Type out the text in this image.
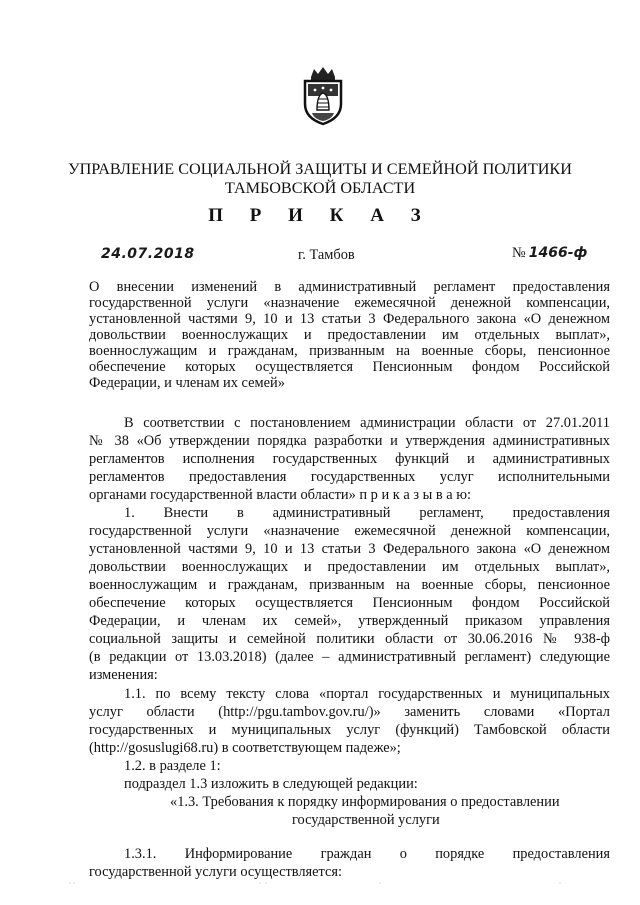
УПРАВЛЕНИЕ СОЦИАЛЬНОЙ ЗАЩИТЫ И СЕМЕЙНОЙ ПОЛИТИКИ
ТАМБОВСКОЙ ОБЛАСТИ
П Р И К А З
24.07.2018	г. Тамбов	№ 1466-ф
О внесении изменений в административный регламент предоставления
государственной услуги «назначение ежемесячной денежной компенсации,
установленной частями 9, 10 и 13 статьи 3 Федерального закона «О денежном
довольствии военнослужащих и предоставлении им отдельных выплат»,
военнослужащим и гражданам, призванным на военные сборы, пенсионное
обеспечение которых осуществляется Пенсионным фондом Российской
Федерации, и членам их семей»
В соответствии с постановлением администрации области от 27.01.2011
№ 38 «Об утверждении порядка разработки и утверждения административных
регламентов исполнения государственных функций и административных
регламентов предоставления государственных услуг исполнительными
органами государственной власти области» п р и к а з ы в а ю:
1. Внести в административный регламент, предоставления
государственной услуги «назначение ежемесячной денежной компенсации,
установленной частями 9, 10 и 13 статьи 3 Федерального закона «О денежном
довольствии военнослужащих и предоставлении им отдельных выплат»,
военнослужащим и гражданам, призванным на военные сборы, пенсионное
обеспечение которых осуществляется Пенсионным фондом Российской
Федерации, и членам их семей», утвержденный приказом управления
социальной защиты и семейной политики области от 30.06.2016 № 938-ф
(в редакции от 13.03.2018) (далее – административный регламент) следующие
изменения:
1.1. по всему тексту слова «портал государственных и муниципальных
услуг области (http://pgu.tambov.gov.ru/)» заменить словами «Портал
государственных и муниципальных услуг (функций) Тамбовской области
(http://gosuslugi68.ru) в соответствующем падеже»;
1.2. в разделе 1:
подраздел 1.3 изложить в следующей редакции:
«1.3. Требования к порядку информирования о предоставлении
государственной услуги
1.3.1. Информирование граждан о порядке предоставления
государственной услуги осуществляется:
